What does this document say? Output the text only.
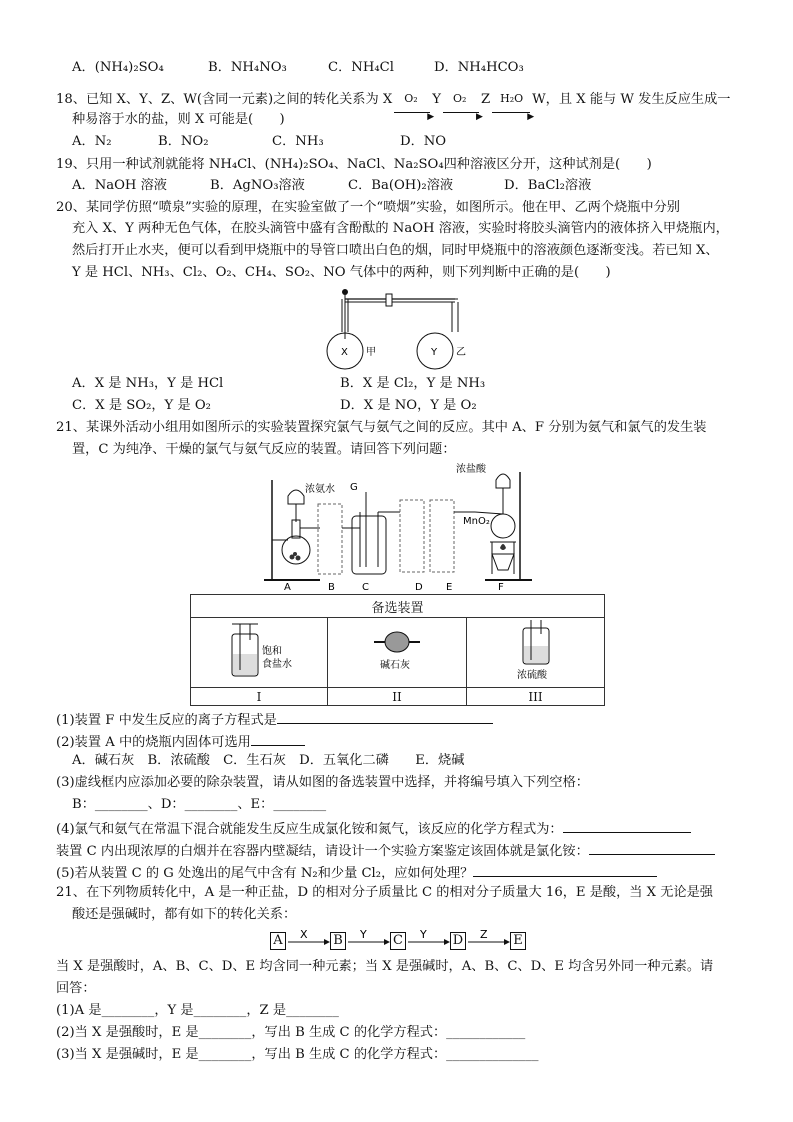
A．(NH₄)₂SO₄	B．NH₄NO₃	C．NH₄Cl	D．NH₄HCO₃
18、已知 X、Y、Z、W(含同一元素)之间的转化关系为 X O₂
▶
Y O₂
▶
Z H₂O
▶
W，且 X 能与 W 发生反应生成一
种易溶于水的盐，则 X 可能是(　　)
A．N₂	B．NO₂	C．NH₃	D．NO
19、只用一种试剂就能将 NH₄Cl、(NH₄)₂SO₄、NaCl、Na₂SO₄四种溶液区分开，这种试剂是(　　)
A．NaOH 溶液	B．AgNO₃溶液	C．Ba(OH)₂溶液	D．BaCl₂溶液
20、某同学仿照“喷泉”实验的原理，在实验室做了一个“喷烟”实验，如图所示。他在甲、乙两个烧瓶中分别
充入 X、Y 两种无色气体，在胶头滴管中盛有含酚酞的 NaOH 溶液，实验时将胶头滴管内的液体挤入甲烧瓶内，
然后打开止水夹，便可以看到甲烧瓶中的导管口喷出白色的烟，同时甲烧瓶中的溶液颜色逐渐变浅。若已知 X、
Y 是 HCl、NH₃、Cl₂、O₂、CH₄、SO₂、NO 气体中的两种，则下列判断中正确的是(　　)
X 甲	Y 乙
A．X 是 NH₃，Y 是 HCl	B．X 是 Cl₂，Y 是 NH₃
C．X 是 SO₂，Y 是 O₂	D．X 是 NO，Y 是 O₂
21、某课外活动小组用如图所示的实验装置探究氯气与氨气之间的反应。其中 A、F 分别为氨气和氯气的发生装
置，C 为纯净、干燥的氯气与氨气反应的装置。请回答下列问题：
浓氨水 G
浓盐酸
MnO₂
A	B	C	D E	F
备选装置		

饱和
食盐水	碱石灰	浓硫酸

I	II	III
(1)装置 F 中发生反应的离子方程式是
(2)装置 A 中的烧瓶内固体可选用
A．碱石灰　B．浓硫酸　C．生石灰　D．五氧化二磷　　E．烧碱
(3)虚线框内应添加必要的除杂装置，请从如图的备选装置中选择，并将编号填入下列空格：
B：________、D：________、E：________
(4)氯气和氨气在常温下混合就能发生反应生成氯化铵和氮气，该反应的化学方程式为：
装置 C 内出现浓厚的白烟并在容器内壁凝结，请设计一个实验方案鉴定该固体就是氯化铵：
(5)若从装置 C 的 G 处逸出的尾气中含有 N₂和少量 Cl₂，应如何处理？
21、在下列物质转化中，A 是一种正盐，D 的相对分子质量比 C 的相对分子质量大 16，E 是酸，当 X 无论是强
酸还是强碱时，都有如下的转化关系：
A	B	C	D	E
X	Y	Y	Z
当 X 是强酸时，A、B、C、D、E 均含同一种元素；当 X 是强碱时，A、B、C、D、E 均含另外同一种元素。请
回答：
(1)A 是________，Y 是________，Z 是________
(2)当 X 是强酸时，E 是________，写出 B 生成 C 的化学方程式：____________
(3)当 X 是强碱时，E 是________，写出 B 生成 C 的化学方程式：______________
